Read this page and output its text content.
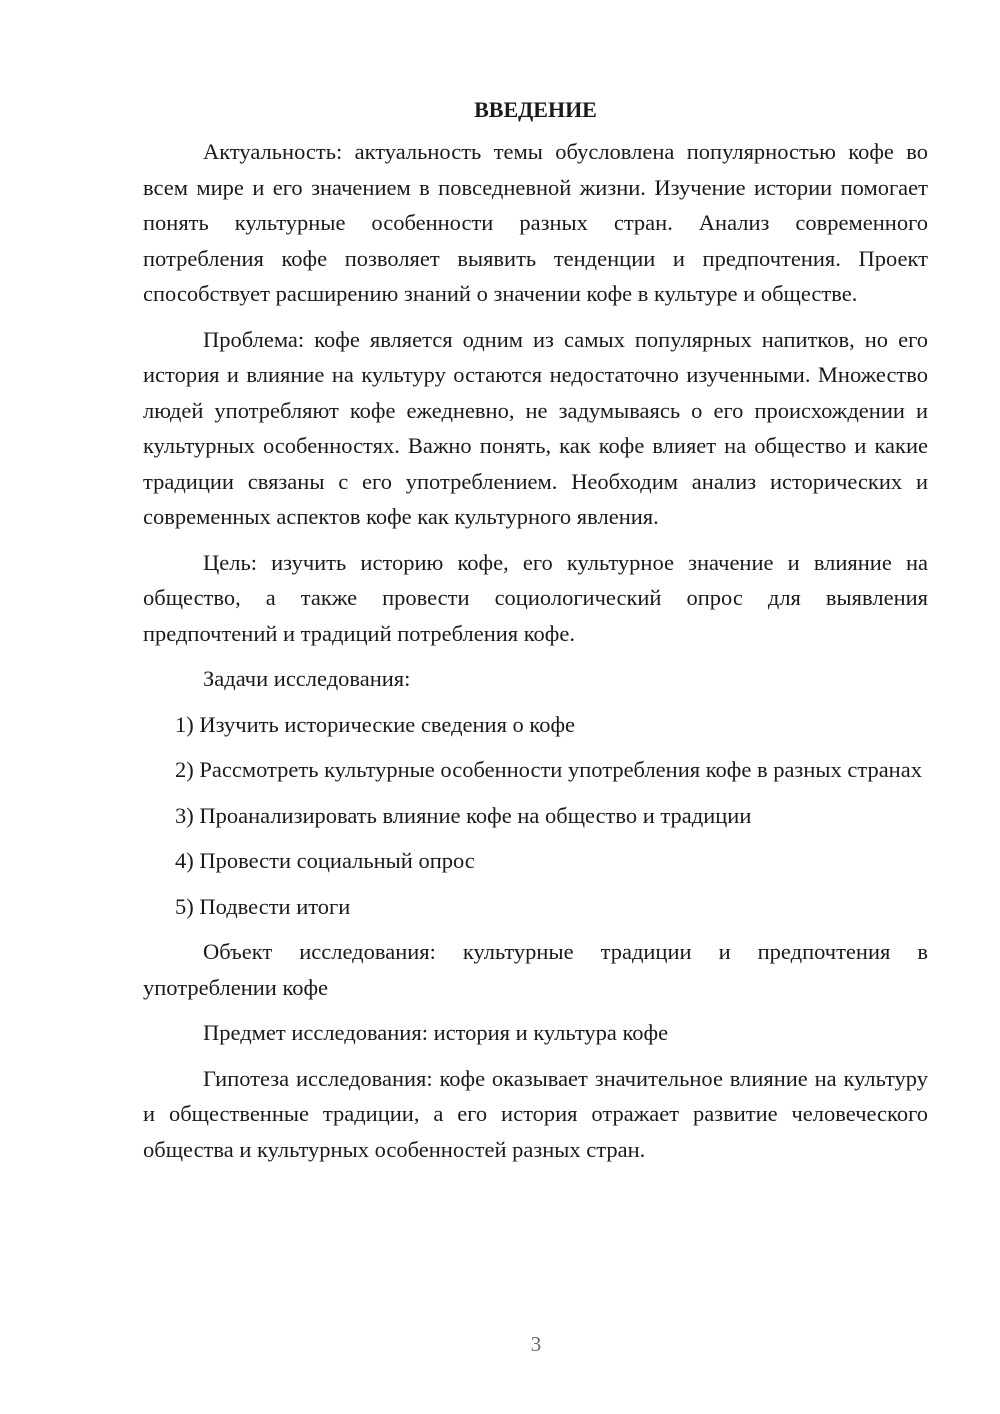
ВВЕДЕНИЕ

Актуальность: актуальность темы обусловлена популярностью кофе во всем мире и его значением в повседневной жизни. Изучение истории помогает понять культурные особенности разных стран. Анализ современного потребления кофе позволяет выявить тенденции и предпочтения. Проект способствует расширению знаний о значении кофе в культуре и обществе.

Проблема: кофе является одним из самых популярных напитков, но его история и влияние на культуру остаются недостаточно изученными. Множество людей употребляют кофе ежедневно, не задумываясь о его происхождении и культурных особенностях. Важно понять, как кофе влияет на общество и какие традиции связаны с его употреблением. Необходим анализ исторических и современных аспектов кофе как культурного явления.

Цель: изучить историю кофе, его культурное значение и влияние на общество, а также провести социологический опрос для выявления предпочтений и традиций потребления кофе.

Задачи исследования:

1) Изучить исторические сведения о кофе

2) Рассмотреть культурные особенности употребления кофе в разных странах

3) Проанализировать влияние кофе на общество и традиции

4) Провести социальный опрос

5) Подвести итоги

Объект исследования: культурные традиции и предпочтения в употреблении кофе

Предмет исследования: история и культура кофе

Гипотеза исследования: кофе оказывает значительное влияние на культуру и общественные традиции, а его история отражает развитие человеческого общества и культурных особенностей разных стран.

3
